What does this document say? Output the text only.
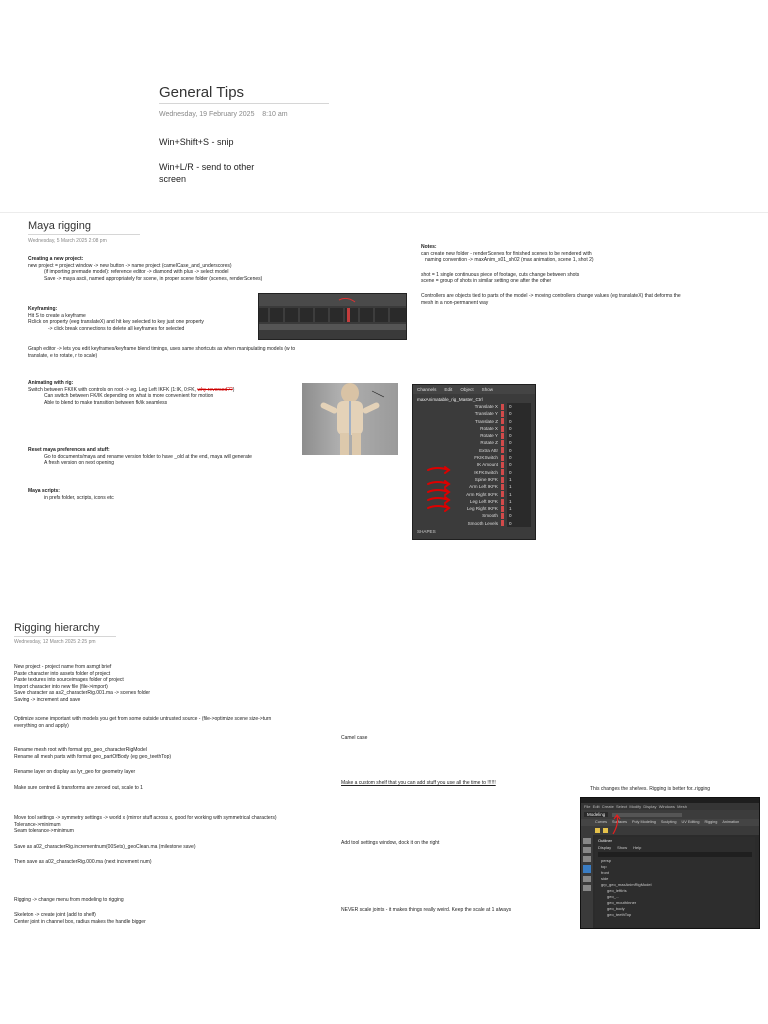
General Tips
Wednesday, 19 February 2025 8:10 am
Win+Shift+S - snip
Win+L/R - send to other
screen
Maya rigging
Wednesday, 5 March 2025 2:08 pm
Creating a new project:
new project = project window -> new button -> name project (camelCase_and_underscores)
(if importing premade model): reference editor -> diamond with plus -> select model
Save -> maya ascii, named appropriately for scene, in proper scene folder (scenes, renderScenes)
Keyframing:
Hit S to create a keyframe
Rclick on property (eeg translateX) and hit key selected to key just one property
-> click break connections to delete all keyframes for selected
Graph editor -> lets you edit keyframes/keyframe blend timings, uses same shortcuts as when manipulating models (w to
translate, e to rotate, r to scale)
Animating with rig:
Switch between FK/IK with controls on root -> eg. Leg Left IKFK (1:IK, 0:FK, why reversed??)
Can switch between FK/IK depending on what is more convenient for motion
Able to blend to make transition between fk/ik seamless
Channels Edit Object Show
maxAnimatable_rig_Master_Ctrl
Translate X	0
Translate Y	0
Translate Z	0
Rotate X	0
Rotate Y	0
Rotate Z	0
Extra Attr	0
FKIKSwitch	0
IK Amount	0
IKFKSwitch	0
Spine IKFK	1
Arm Left IKFK	1
Arm Right IKFK	1
Leg Left IKFK	1
Leg Right IKFK	1
Smooth	0
Smooth Levels	0
SHAPES
Reset maya preferences and stuff:
Go to documents/maya and rename version folder to have _old at the end, maya will generate
A fresh version on next opening
Maya scripts:
in prefs folder, scripts, icons etc
Notes:
can create new folder - renderScenes for finished scenes to be rendered with
naming convention -> maxAnim_s01_sh02 (max animation, scene 1, shot 2)
shot = 1 single continuous piece of footage, cuts change between shots
scene = group of shots in similar setting one after the other
Controllers are objects tied to parts of the model -> moving controllers change values (eg translateX) that deforms the
mesh in a non-permanent way
Rigging hierarchy
Wednesday, 12 March 2025 2:25 pm
New project - project name from asmgt brief
Paste character into assets folder of project
Paste textures into sourceimages folder of project
Import character into new file (file->import)
Save character as as2_characterRig.001.ma -> scenes folder
Saving -> increment and save
Optimize scene important with models you get from some outside untrusted source - (file->optimize scene size->turn
everything on and apply)
Rename mesh root with format grp_geo_characterRigModel
Rename all mesh parts with format geo_partOfBody (eg geo_teethTop)
Rename layer on display as lyr_geo for geometry layer
Make sure centred & transforms are zeroed out, scale to 1
Move tool settings -> symmetry settings -> world x (mirror stuff across x, good for working with symmetrical characters)
Tolerance->minimum
Seam tolerance->minimum
Save as a02_characterRig.incrementnum(00Sets)_geoClean.ma (milestone save)
Then save as a02_characterRig.000.ma (next increment num)
Rigging -> change menu from modeling to rigging
Skeleton -> create joint (add to shelf)
Center joint in channel box, radius makes the handle bigger
Camel case
Make a custom shelf that you can add stuff you use all the time to !!!!!!
Add tool settings window, dock it on the right
NEVER scale joints - it makes things really weird. Keep the scale at 1 always
This changes the shelves. Rigging is better for..rigging
File  Edit  Create  Select  Modify  Display  Windows  Mesh
Modeling
Curves Surfaces Poly Modeling Sculpting UV Editing Rigging Animation
Outliner
Display Show Help
persp
top
front
side
grp_geo_maxAnimRigModel
geo_leftIris
geo_...
geo_mouthInner
geo_body
geo_teethTop
